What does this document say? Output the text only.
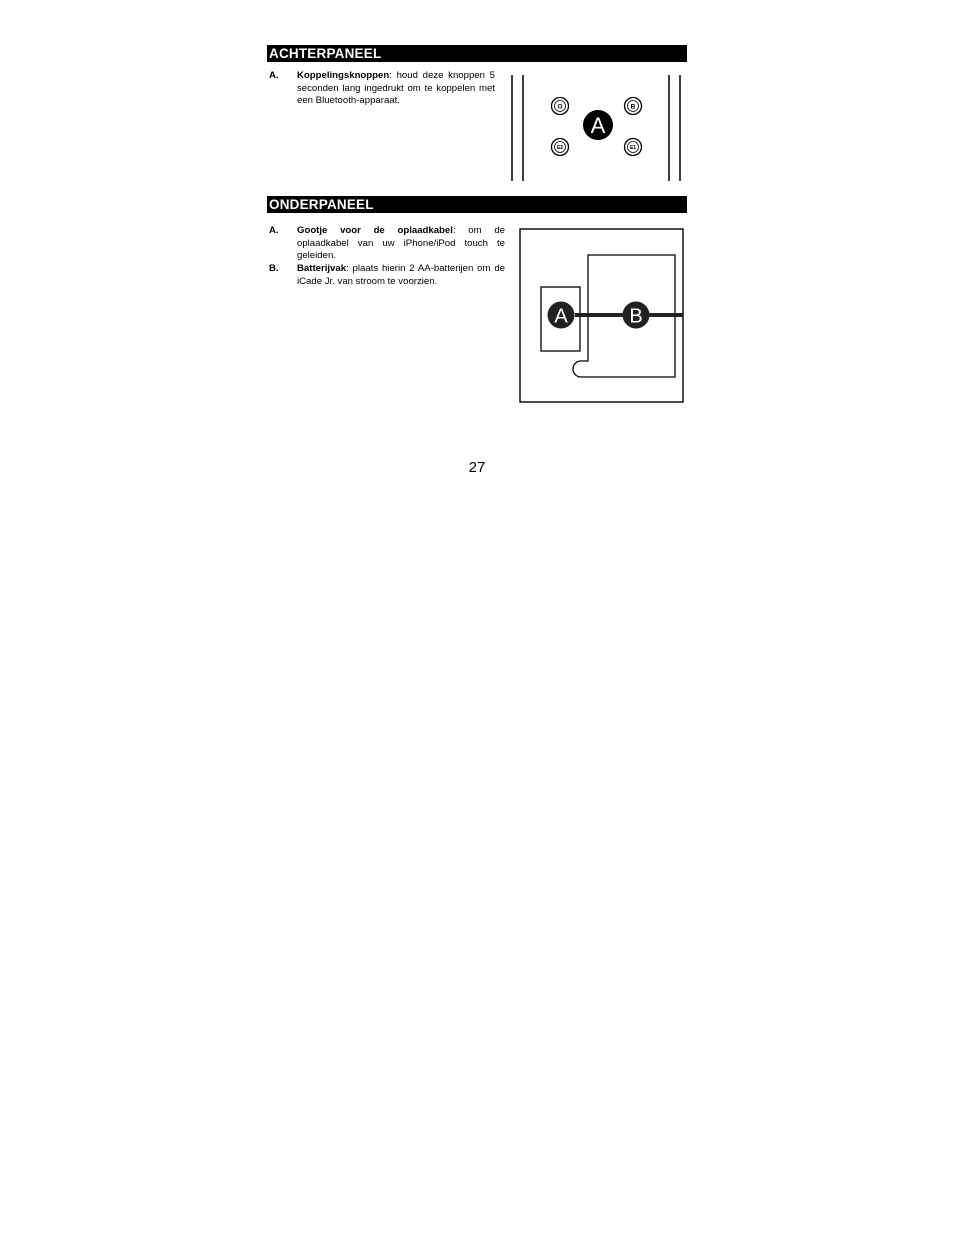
ACHTERPANEEL
A. Koppelingsknoppen: houd deze knoppen 5 seconden lang ingedrukt om te koppelen met een Bluetooth-apparaat.
O	B
E2	E1
A
ONDERPANEEL
A. Gootje voor de oplaadkabel: om de oplaadkabel van uw iPhone/iPod touch te geleiden.
B. Batterijvak: plaats hierin 2 AA-batterijen om de iCade Jr. van stroom te voorzien.
A	B
27
